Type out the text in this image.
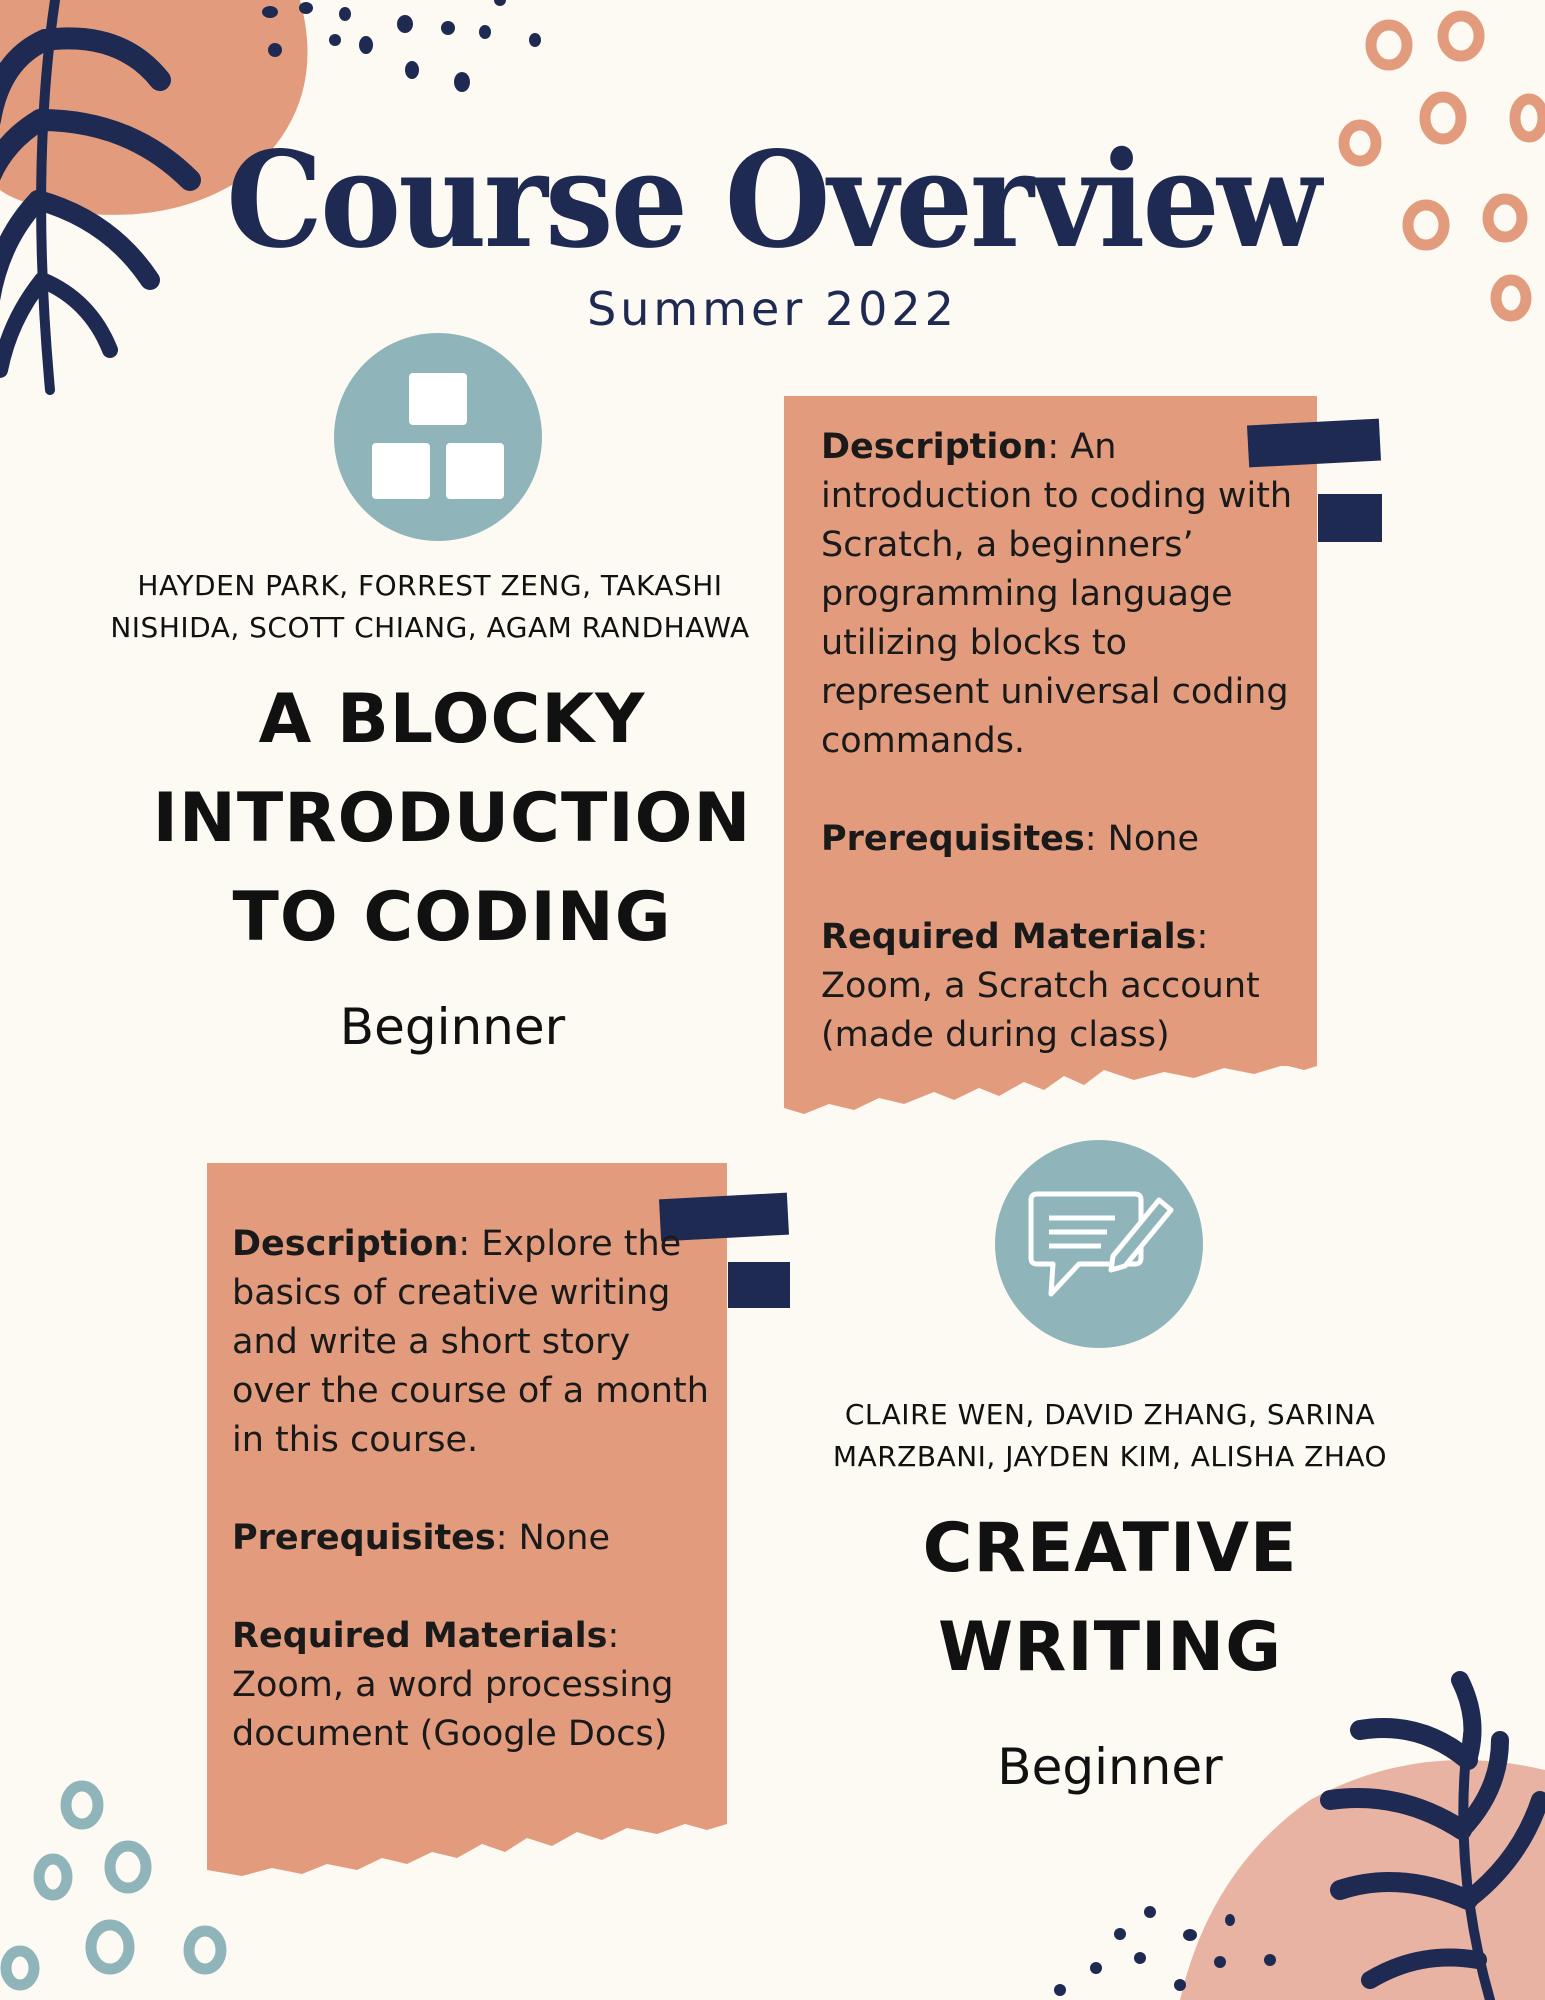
Course Overview
Summer 2022
HAYDEN PARK, FORREST ZENG, TAKASHI
NISHIDA, SCOTT CHIANG, AGAM RANDHAWA
A BLOCKY
INTRODUCTION
TO CODING
Beginner

Description: An introduction to coding with Scratch, a beginners’ programming language utilizing blocks to represent universal coding commands.

Prerequisites: None

Required Materials: Zoom, a Scratch account (made during class)

Description: Explore the basics of creative writing and write a short story over the course of a month in this course.

Prerequisites: None

Required Materials: Zoom, a word processing document (Google Docs)

CLAIRE WEN, DAVID ZHANG, SARINA
MARZBANI, JAYDEN KIM, ALISHA ZHAO
CREATIVE
WRITING
Beginner
